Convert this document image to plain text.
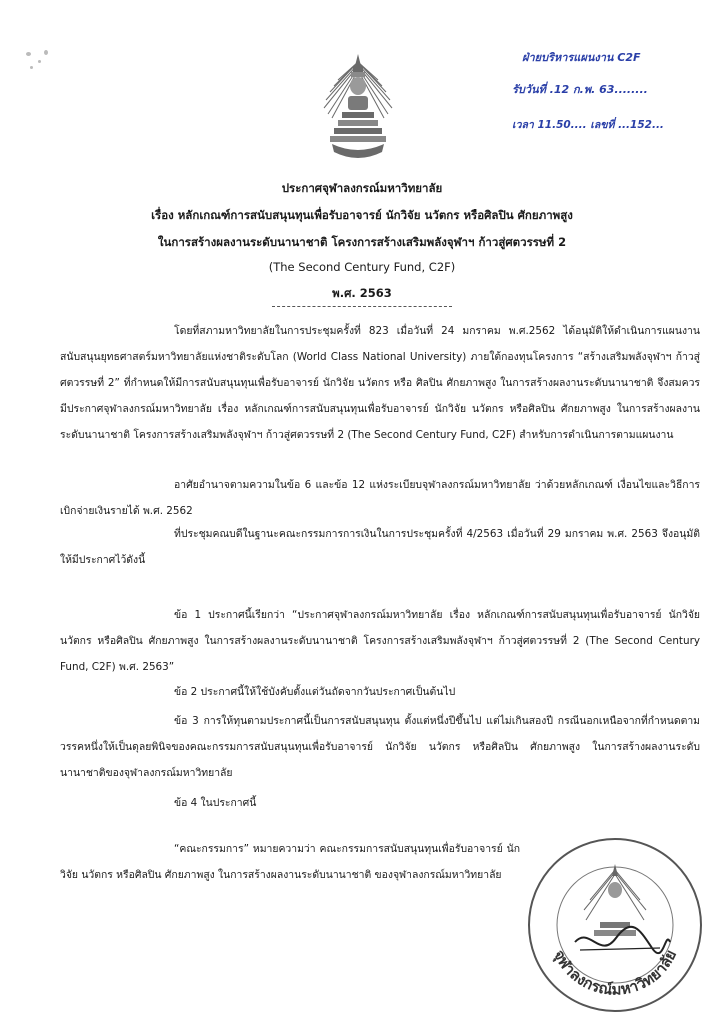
ฝ่ายบริหารแผนงาน C2F
รับวันที่ .12 ก.พ. 63........
เวลา 11.50.... เลขที่ ...152...
ประกาศจุฬาลงกรณ์มหาวิทยาลัย
เรื่อง หลักเกณฑ์การสนับสนุนทุนเพื่อรับอาจารย์ นักวิจัย นวัตกร หรือศิลปิน ศักยภาพสูง
ในการสร้างผลงานระดับนานาชาติ โครงการสร้างเสริมพลังจุฬาฯ ก้าวสู่ศตวรรษที่ 2
(The Second Century Fund, C2F)
พ.ศ. 2563
โดยที่สภามหาวิทยาลัยในการประชุมครั้งที่ 823 เมื่อวันที่ 24 มกราคม พ.ศ.2562 ได้อนุมัติให้ดำเนินการแผนงานสนับสนุนยุทธศาสตร์มหาวิทยาลัยแห่งชาติระดับโลก (World Class National University) ภายใต้กองทุนโครงการ “สร้างเสริมพลังจุฬาฯ ก้าวสู่ศตวรรษที่ 2” ที่กำหนดให้มีการสนับสนุนทุนเพื่อรับอาจารย์ นักวิจัย นวัตกร หรือ ศิลปิน ศักยภาพสูง ในการสร้างผลงานระดับนานาชาติ จึงสมควรมีประกาศจุฬาลงกรณ์มหาวิทยาลัย เรื่อง หลักเกณฑ์การสนับสนุนทุนเพื่อรับอาจารย์ นักวิจัย นวัตกร หรือศิลปิน ศักยภาพสูง ในการสร้างผลงานระดับนานาชาติ โครงการสร้างเสริมพลังจุฬาฯ ก้าวสู่ศตวรรษที่ 2 (The Second Century Fund, C2F) สำหรับการดำเนินการตามแผนงาน
อาศัยอำนาจตามความในข้อ 6 และข้อ 12 แห่งระเบียบจุฬาลงกรณ์มหาวิทยาลัย ว่าด้วยหลักเกณฑ์ เงื่อนไขและวิธีการเบิกจ่ายเงินรายได้ พ.ศ. 2562
ที่ประชุมคณบดีในฐานะคณะกรรมการการเงินในการประชุมครั้งที่ 4/2563 เมื่อวันที่ 29 มกราคม พ.ศ. 2563 จึงอนุมัติให้มีประกาศไว้ดังนี้
ข้อ 1 ประกาศนี้เรียกว่า “ประกาศจุฬาลงกรณ์มหาวิทยาลัย เรื่อง หลักเกณฑ์การสนับสนุนทุนเพื่อรับอาจารย์ นักวิจัย นวัตกร หรือศิลปิน ศักยภาพสูง ในการสร้างผลงานระดับนานาชาติ โครงการสร้างเสริมพลังจุฬาฯ ก้าวสู่ศตวรรษที่ 2 (The Second Century Fund, C2F) พ.ศ. 2563”
ข้อ 2 ประกาศนี้ให้ใช้บังคับตั้งแต่วันถัดจากวันประกาศเป็นต้นไป
ข้อ 3 การให้ทุนตามประกาศนี้เป็นการสนับสนุนทุน ตั้งแต่หนึ่งปีขึ้นไป แต่ไม่เกินสองปี กรณีนอกเหนือจากที่กำหนดตามวรรคหนึ่งให้เป็นดุลยพินิจของคณะกรรมการสนับสนุนทุนเพื่อรับอาจารย์ นักวิจัย นวัตกร หรือศิลปิน ศักยภาพสูง ในการสร้างผลงานระดับนานาชาติของจุฬาลงกรณ์มหาวิทยาลัย
ข้อ 4 ในประกาศนี้
“คณะกรรมการ” หมายความว่า คณะกรรมการสนับสนุนทุนเพื่อรับอาจารย์ นักวิจัย นวัตกร หรือศิลปิน ศักยภาพสูง ในการสร้างผลงานระดับนานาชาติ ของจุฬาลงกรณ์มหาวิทยาลัย
จุฬาลงกรณ์มหาวิทยาลัย
